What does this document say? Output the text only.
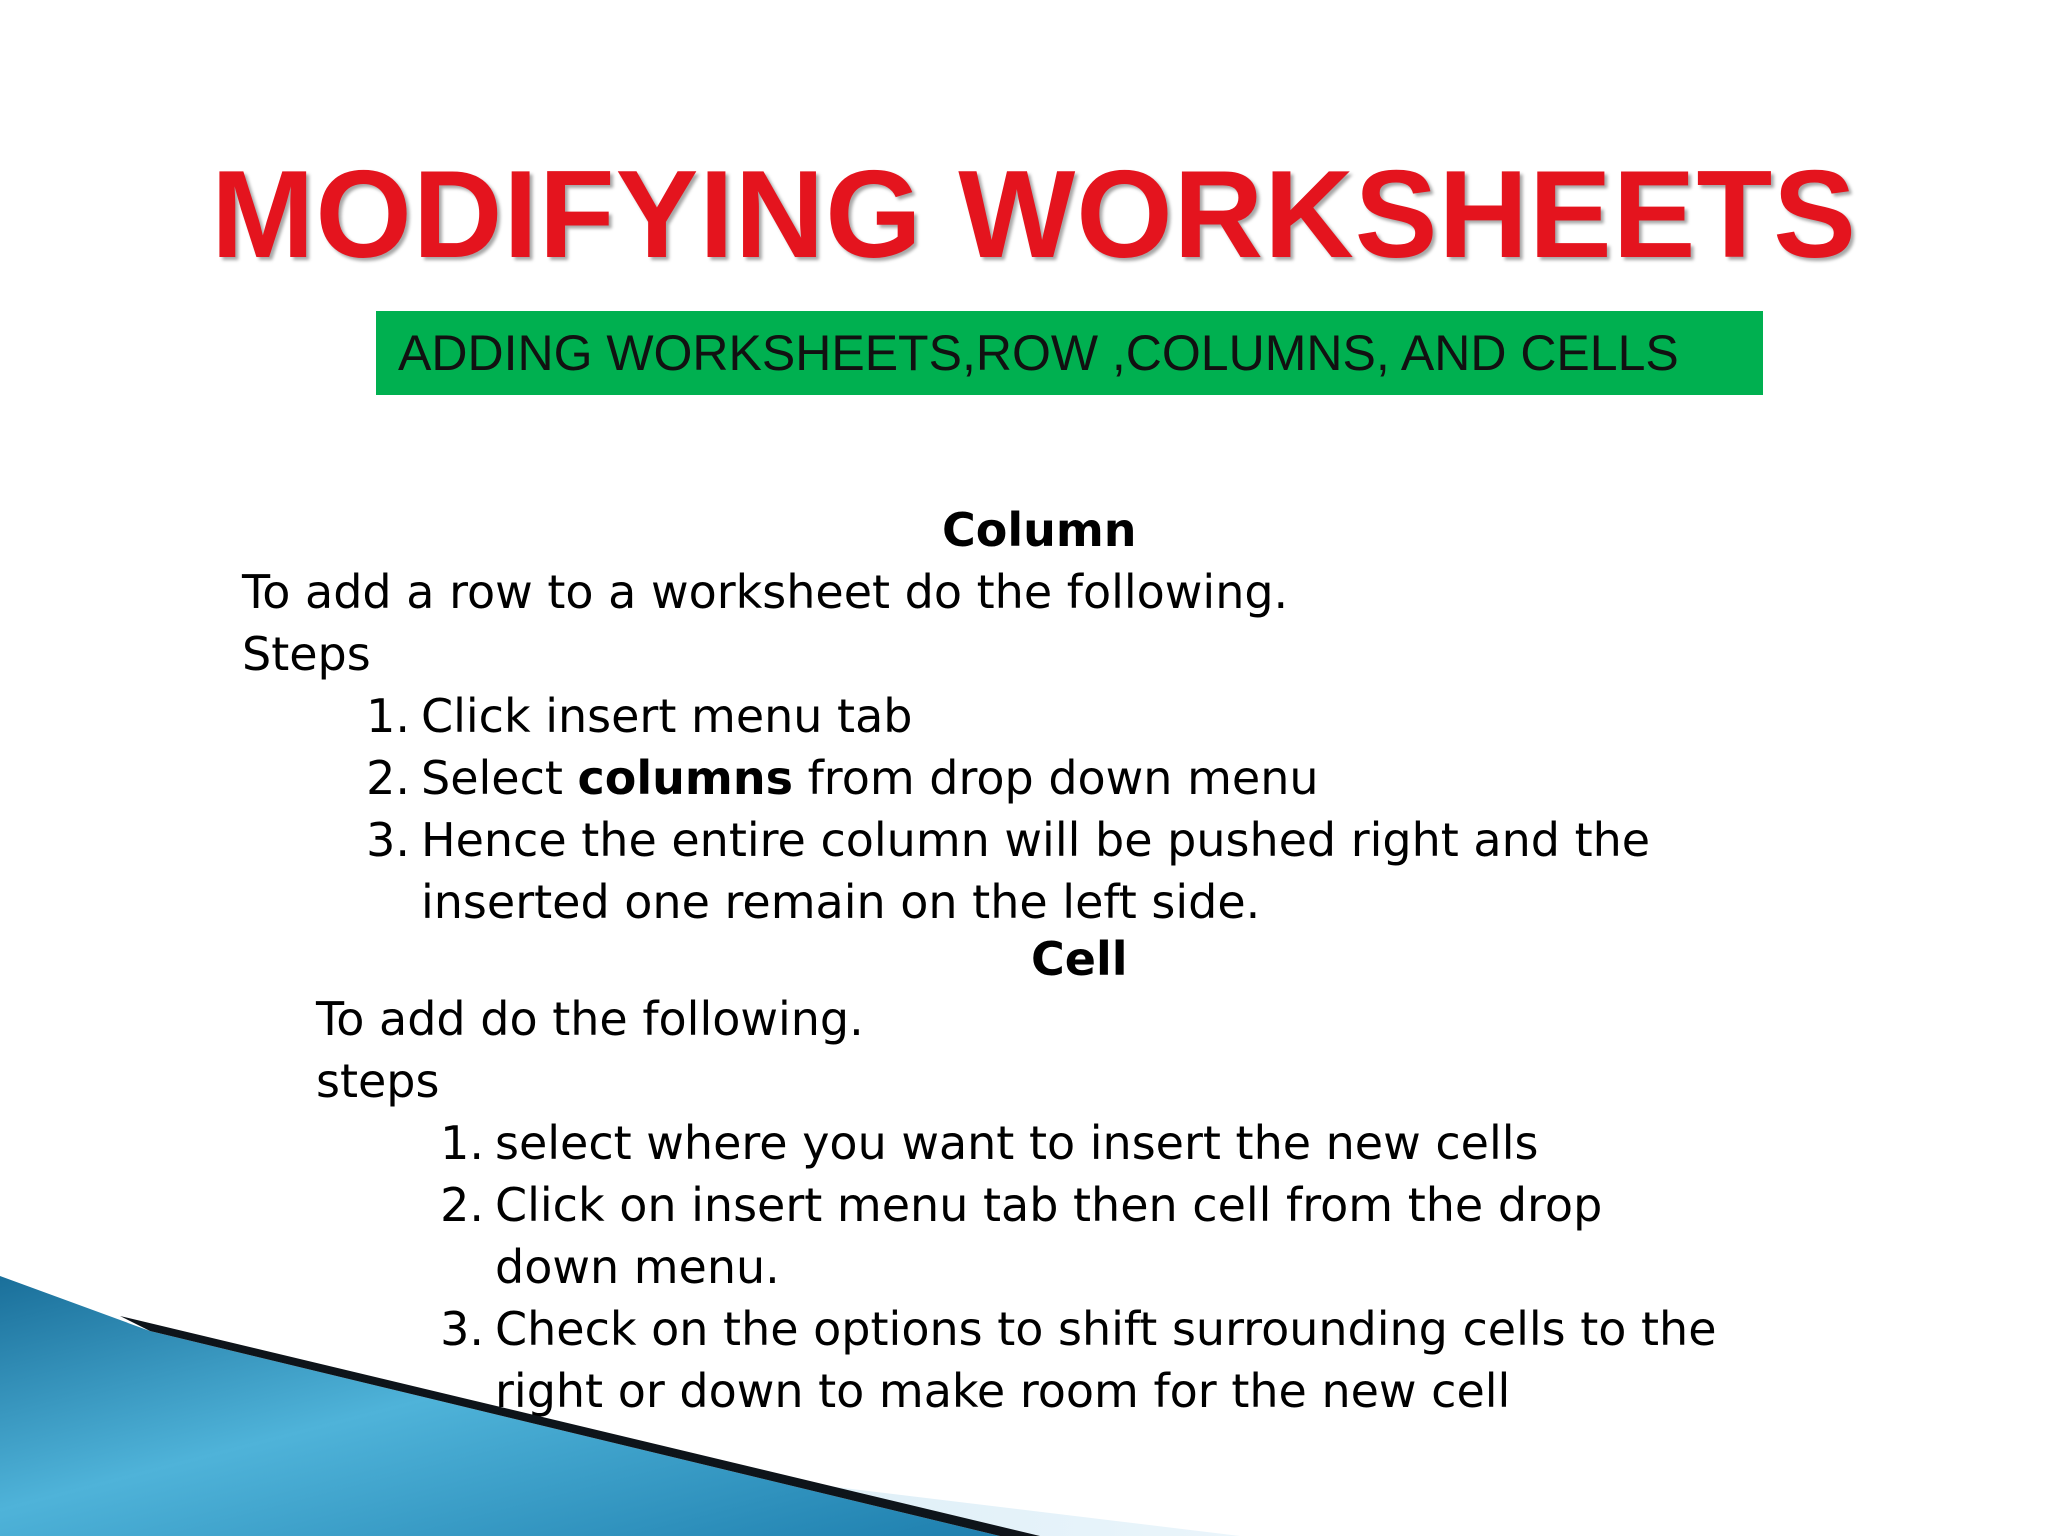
MODIFYING WORKSHEETS
ADDING WORKSHEETS,ROW ,COLUMNS, AND CELLS
Column
To add a row to a worksheet do the following.
Steps
1. Click insert menu tab
2. Select columns from drop down menu
3. Hence the entire column will be pushed right and the
inserted one remain on the left side.
Cell
To add do the following.
steps
1. select where you want to insert the new cells
2. Click on insert menu tab then cell from the drop
down menu.
3. Check on the options to shift surrounding cells to the
right or down to make room for the new cell
